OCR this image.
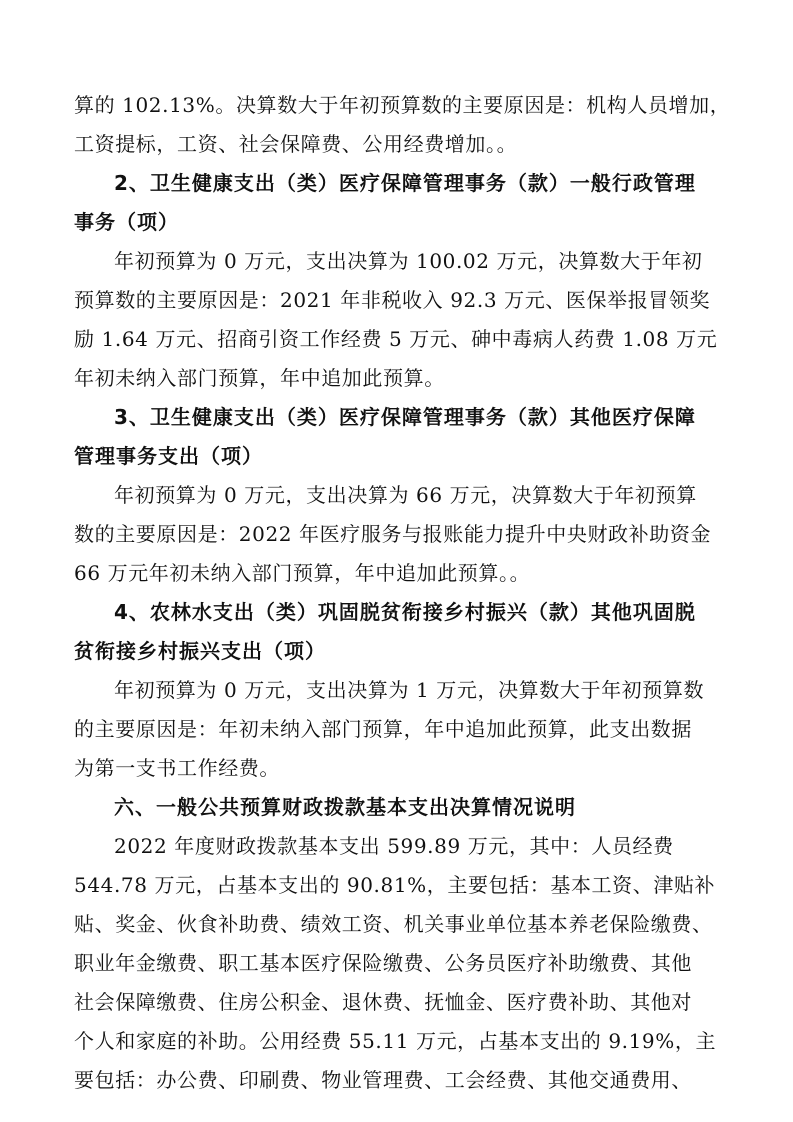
算的 102.13%。决算数大于年初预算数的主要原因是：机构人员增加，
工资提标，工资、社会保障费、公用经费增加。。
2、卫生健康支出（类）医疗保障管理事务（款）一般行政管理
事务（项）
年初预算为 0 万元，支出决算为 100.02 万元，决算数大于年初
预算数的主要原因是：2021 年非税收入 92.3 万元、医保举报冒领奖
励 1.64 万元、招商引资工作经费 5 万元、砷中毒病人药费 1.08 万元
年初未纳入部门预算，年中追加此预算。
3、卫生健康支出（类）医疗保障管理事务（款）其他医疗保障
管理事务支出（项）
年初预算为 0 万元，支出决算为 66 万元，决算数大于年初预算
数的主要原因是：2022 年医疗服务与报账能力提升中央财政补助资金
66 万元年初未纳入部门预算，年中追加此预算。。
4、农林水支出（类）巩固脱贫衔接乡村振兴（款）其他巩固脱
贫衔接乡村振兴支出（项）
年初预算为 0 万元，支出决算为 1 万元，决算数大于年初预算数
的主要原因是：年初未纳入部门预算，年中追加此预算，此支出数据
为第一支书工作经费。
六、一般公共预算财政拨款基本支出决算情况说明
2022 年度财政拨款基本支出 599.89 万元，其中：人员经费
544.78 万元，占基本支出的 90.81%，主要包括：基本工资、津贴补
贴、奖金、伙食补助费、绩效工资、机关事业单位基本养老保险缴费、
职业年金缴费、职工基本医疗保险缴费、公务员医疗补助缴费、其他
社会保障缴费、住房公积金、退休费、抚恤金、医疗费补助、其他对
个人和家庭的补助。公用经费 55.11 万元，占基本支出的 9.19%，主
要包括：办公费、印刷费、物业管理费、工会经费、其他交通费用、
